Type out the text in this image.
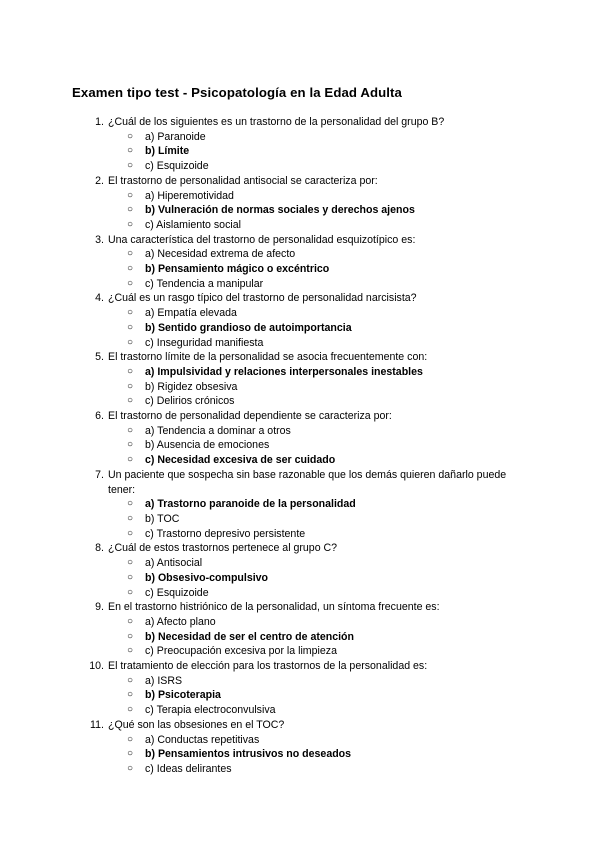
Examen tipo test - Psicopatología en la Edad Adulta
1. ¿Cuál de los siguientes es un trastorno de la personalidad del grupo B?
○ a) Paranoide
○ b) Límite
○ c) Esquizoide
2. El trastorno de personalidad antisocial se caracteriza por:
○ a) Hiperemotividad
○ b) Vulneración de normas sociales y derechos ajenos
○ c) Aislamiento social
3. Una característica del trastorno de personalidad esquizotípico es:
○ a) Necesidad extrema de afecto
○ b) Pensamiento mágico o excéntrico
○ c) Tendencia a manipular
4. ¿Cuál es un rasgo típico del trastorno de personalidad narcisista?
○ a) Empatía elevada
○ b) Sentido grandioso de autoimportancia
○ c) Inseguridad manifiesta
5. El trastorno límite de la personalidad se asocia frecuentemente con:
○ a) Impulsividad y relaciones interpersonales inestables
○ b) Rigidez obsesiva
○ c) Delirios crónicos
6. El trastorno de personalidad dependiente se caracteriza por:
○ a) Tendencia a dominar a otros
○ b) Ausencia de emociones
○ c) Necesidad excesiva de ser cuidado
7. Un paciente que sospecha sin base razonable que los demás quieren dañarlo puede tener:
○ a) Trastorno paranoide de la personalidad
○ b) TOC
○ c) Trastorno depresivo persistente
8. ¿Cuál de estos trastornos pertenece al grupo C?
○ a) Antisocial
○ b) Obsesivo-compulsivo
○ c) Esquizoide
9. En el trastorno histriónico de la personalidad, un síntoma frecuente es:
○ a) Afecto plano
○ b) Necesidad de ser el centro de atención
○ c) Preocupación excesiva por la limpieza
10. El tratamiento de elección para los trastornos de la personalidad es:
○ a) ISRS
○ b) Psicoterapia
○ c) Terapia electroconvulsiva
11. ¿Qué son las obsesiones en el TOC?
○ a) Conductas repetitivas
○ b) Pensamientos intrusivos no deseados
○ c) Ideas delirantes
